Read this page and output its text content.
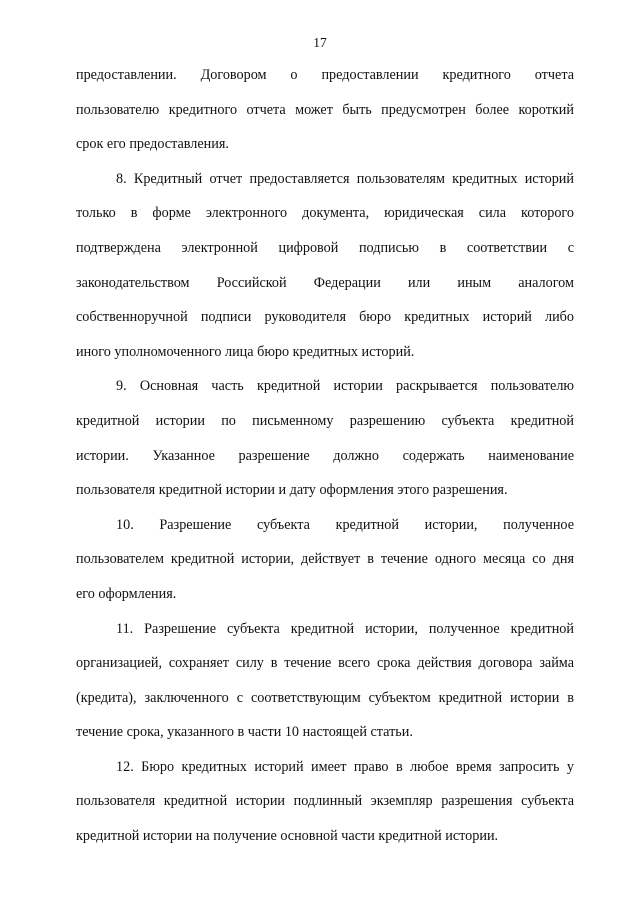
17
предоставлении. Договором о предоставлении кредитного отчета
пользователю кредитного отчета может быть предусмотрен более короткий
срок его предоставления.
8. Кредитный отчет предоставляется пользователям кредитных историй
только в форме электронного документа, юридическая сила которого
подтверждена электронной цифровой подписью в соответствии с
законодательством Российской Федерации или иным аналогом
собственноручной подписи руководителя бюро кредитных историй либо
иного уполномоченного лица бюро кредитных историй.
9. Основная часть кредитной истории раскрывается пользователю
кредитной истории по письменному разрешению субъекта кредитной
истории. Указанное разрешение должно содержать наименование
пользователя кредитной истории и дату оформления этого разрешения.
10. Разрешение субъекта кредитной истории, полученное
пользователем кредитной истории, действует в течение одного месяца со дня
его оформления.
11. Разрешение субъекта кредитной истории, полученное кредитной
организацией, сохраняет силу в течение всего срока действия договора займа
(кредита), заключенного с соответствующим субъектом кредитной истории в
течение срока, указанного в части 10 настоящей статьи.
12. Бюро кредитных историй имеет право в любое время запросить у
пользователя кредитной истории подлинный экземпляр разрешения субъекта
кредитной истории на получение основной части кредитной истории.
